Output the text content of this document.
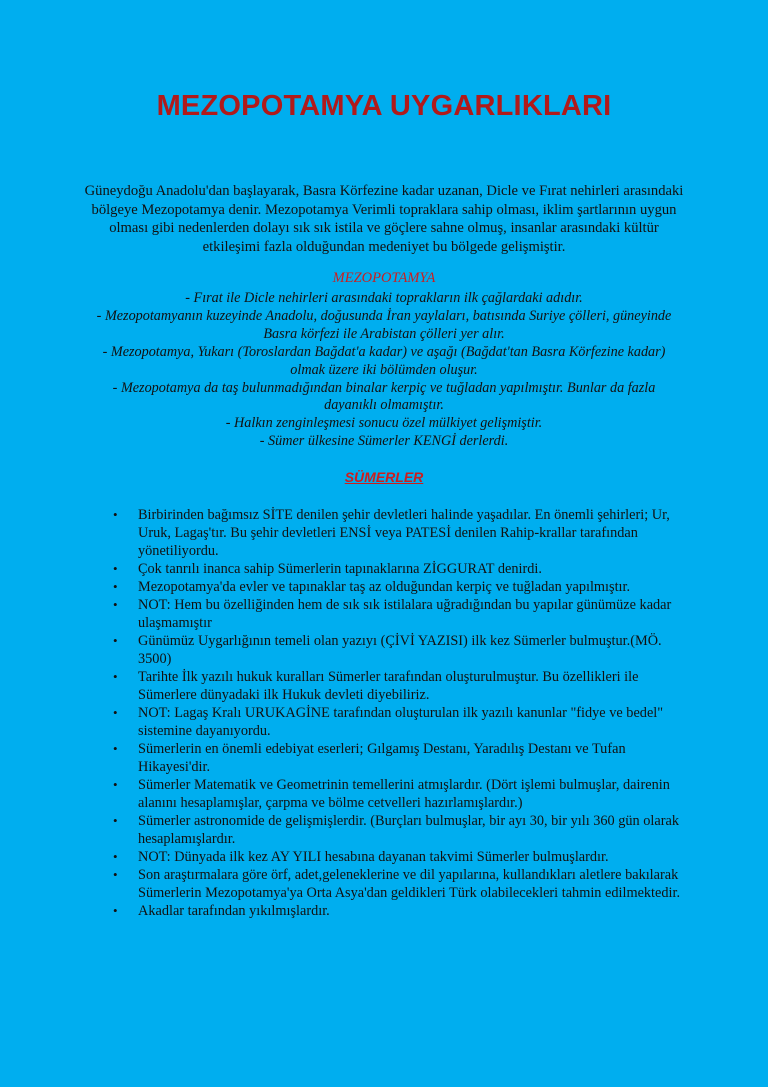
MEZOPOTAMYA UYGARLIKLARI

Güneydoğu Anadolu'dan başlayarak, Basra Körfezine kadar uzanan, Dicle ve Fırat nehirleri arasındaki bölgeye Mezopotamya denir. Mezopotamya Verimli topraklara sahip olması, iklim şartlarının uygun olması gibi nedenlerden dolayı sık sık istila ve göçlere sahne olmuş, insanlar arasındaki kültür etkileşimi fazla olduğundan medeniyet bu bölgede gelişmiştir.

MEZOPOTAMYA

- Fırat ile Dicle nehirleri arasındaki toprakların ilk çağlardaki adıdır.

- Mezopotamyanın kuzeyinde Anadolu, doğusunda İran yaylaları, batısında Suriye çölleri, güneyinde Basra körfezi ile Arabistan çölleri yer alır.

- Mezopotamya, Yukarı (Toroslardan Bağdat'a kadar) ve aşağı (Bağdat'tan Basra Körfezine kadar) olmak üzere iki bölümden oluşur.

- Mezopotamya da taş bulunmadığından binalar kerpiç ve tuğladan yapılmıştır. Bunlar da fazla dayanıklı olmamıştır.

- Halkın zenginleşmesi sonucu özel mülkiyet gelişmiştir.

- Sümer ülkesine Sümerler KENGİ derlerdi.

SÜMERLER

• Birbirinden bağımsız SİTE denilen şehir devletleri halinde yaşadılar. En önemli şehirleri; Ur, Uruk, Lagaş'tır. Bu şehir devletleri ENSİ veya PATESİ denilen Rahip-krallar tarafından yönetiliyordu.
• Çok tanrılı inanca sahip Sümerlerin tapınaklarına ZİGGURAT denirdi.
• Mezopotamya'da evler ve tapınaklar taş az olduğundan kerpiç ve tuğladan yapılmıştır.
• NOT: Hem bu özelliğinden hem de sık sık istilalara uğradığından bu yapılar günümüze kadar ulaşmamıştır
• Günümüz Uygarlığının temeli olan yazıyı (ÇİVİ YAZISI) ilk kez Sümerler bulmuştur.(MÖ. 3500)
• Tarihte İlk yazılı hukuk kuralları Sümerler tarafından oluşturulmuştur. Bu özellikleri ile Sümerlere dünyadaki ilk Hukuk devleti diyebiliriz.
• NOT: Lagaş Kralı URUKAGİNE tarafından oluşturulan ilk yazılı kanunlar "fidye ve bedel" sistemine dayanıyordu.
• Sümerlerin en önemli edebiyat eserleri; Gılgamış Destanı, Yaradılış Destanı ve Tufan Hikayesi'dir.
• Sümerler Matematik ve Geometrinin temellerini atmışlardır. (Dört işlemi bulmuşlar, dairenin alanını hesaplamışlar, çarpma ve bölme cetvelleri hazırlamışlardır.)
• Sümerler astronomide de gelişmişlerdir. (Burçları bulmuşlar, bir ayı 30, bir yılı 360 gün olarak hesaplamışlardır.
• NOT: Dünyada ilk kez AY YILI hesabına dayanan takvimi Sümerler bulmuşlardır.
• Son araştırmalara göre örf, adet,geleneklerine ve dil yapılarına, kullandıkları aletlere bakılarak Sümerlerin Mezopotamya'ya Orta Asya'dan geldikleri Türk olabilecekleri tahmin edilmektedir.
• Akadlar tarafından yıkılmışlardır.
